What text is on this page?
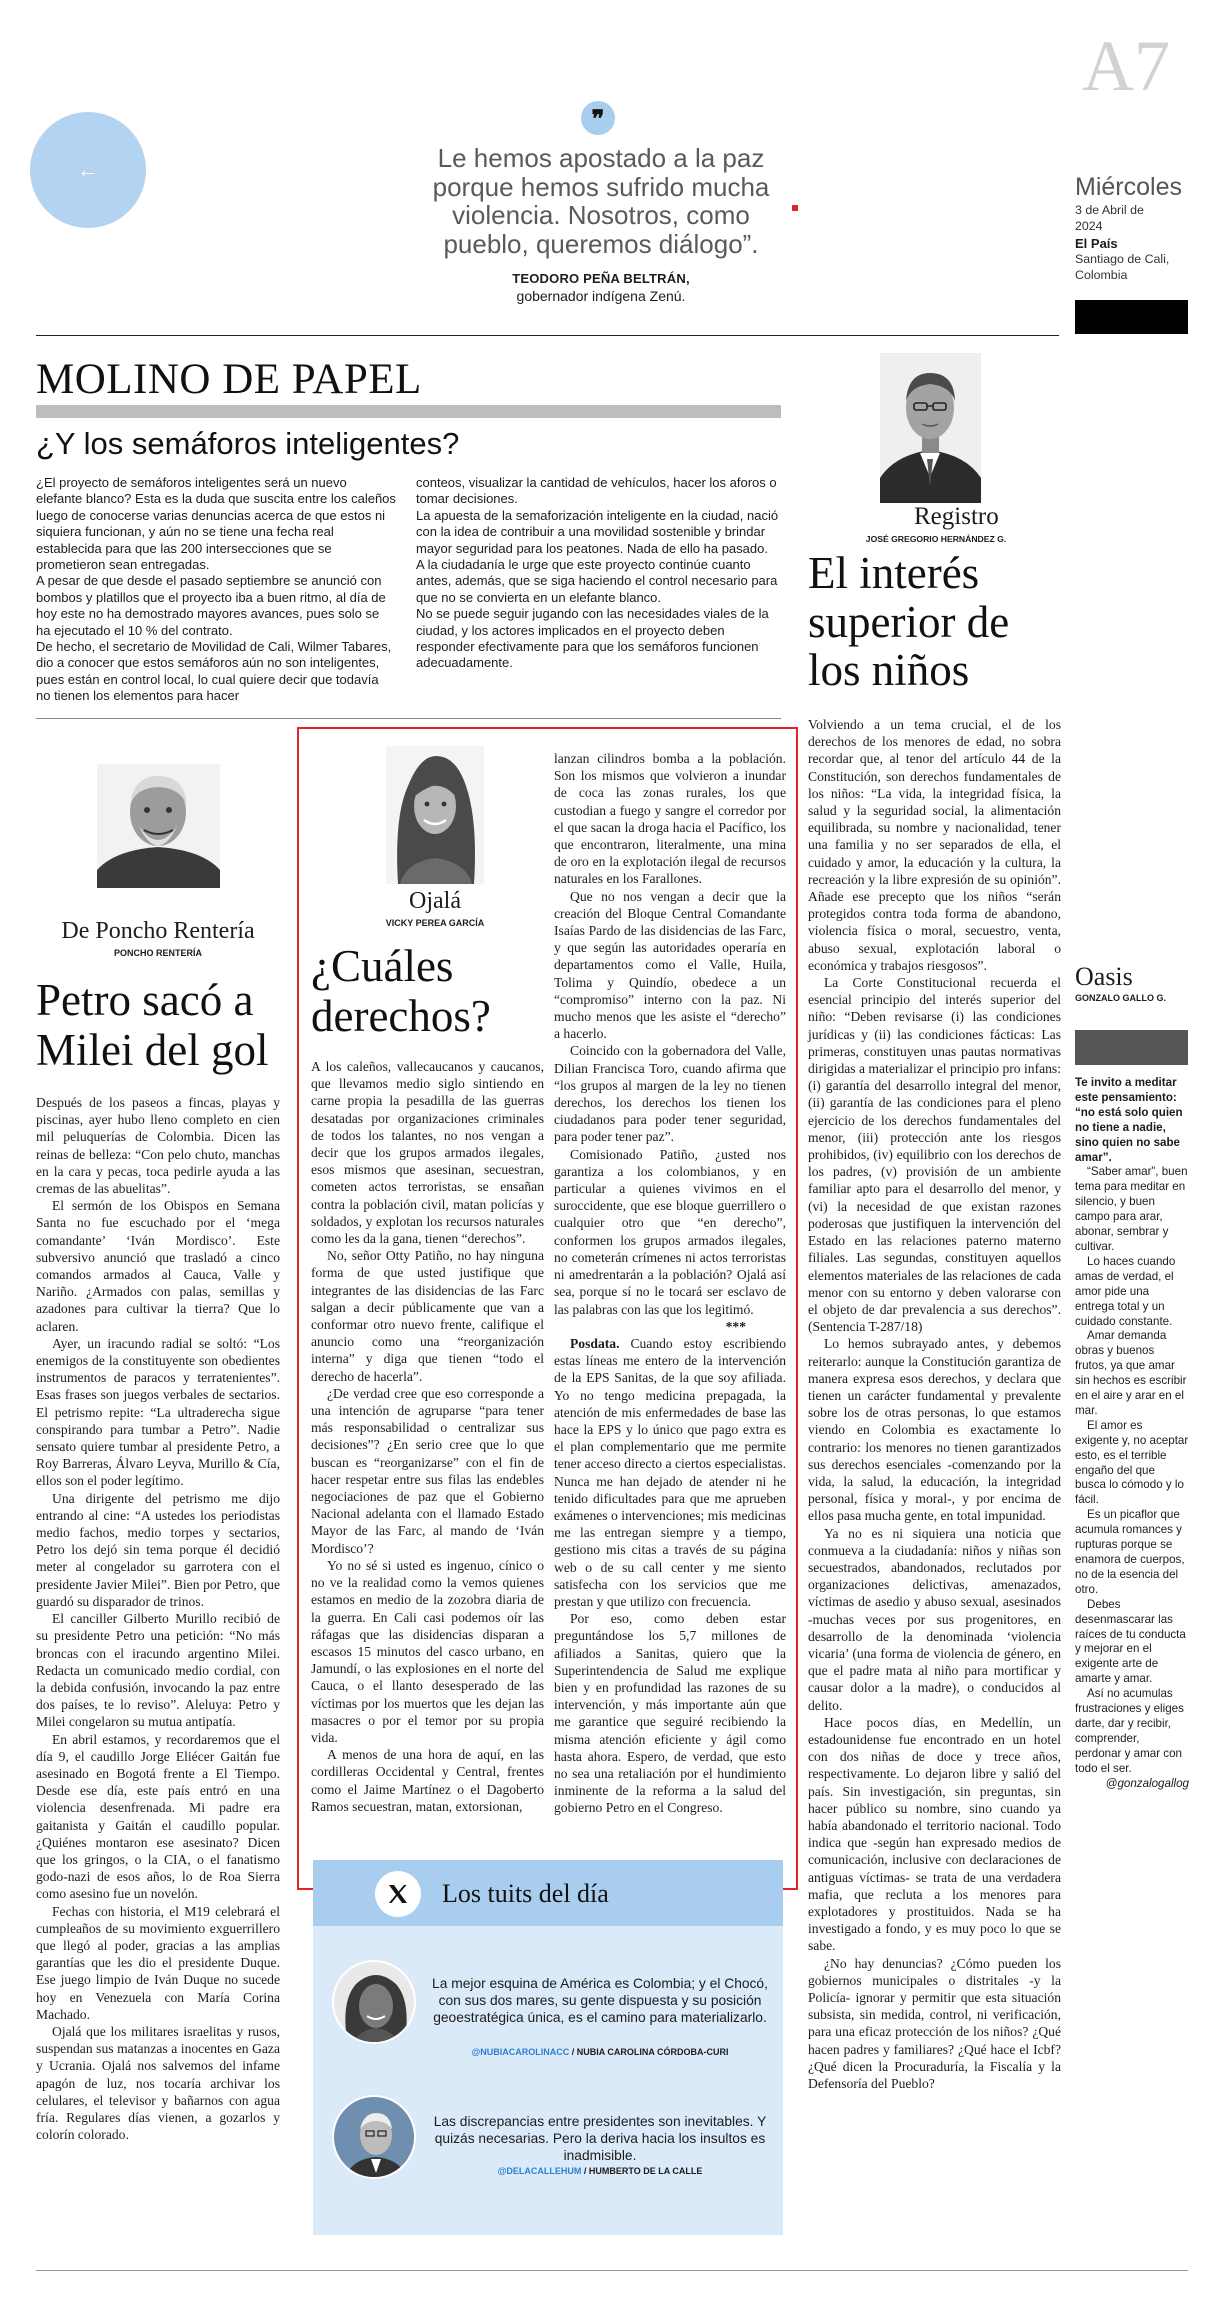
←
❞
Le hemos apostado a la paz porque hemos sufrido mucha violencia. Nosotros, como pueblo, queremos diálogo”.
TEODORO PEÑA BELTRÁN,
gobernador indígena Zenú.
A7
Miércoles
3 de Abril de 2024
El País
Santiago de Cali, Colombia
MOLINO DE PAPEL
¿Y los semáforos inteligentes?

¿El proyecto de semáforos inteligentes será un nuevo elefante blanco? Esta es la duda que suscita entre los caleños luego de conocerse varias denuncias acerca de que estos ni siquiera funcionan, y aún no se tiene una fecha real establecida para que las 200 intersecciones que se prometieron sean entregadas.

A pesar de que desde el pasado septiembre se anunció con bombos y platillos que el proyecto iba a buen ritmo, al día de hoy este no ha demostrado mayores avances, pues solo se ha ejecutado el 10 % del contrato.

De hecho, el secretario de Movilidad de Cali, Wilmer Tabares, dio a conocer que estos semáforos aún no son inteligentes, pues están en control local, lo cual quiere decir que todavía no tienen los elementos para hacer

conteos, visualizar la cantidad de vehículos, hacer los aforos o tomar decisiones.

La apuesta de la semaforización inteligente en la ciudad, nació con la idea de contribuir a una movilidad sostenible y brindar mayor seguridad para los peatones. Nada de ello ha pasado.

A la ciudadanía le urge que este proyecto continúe cuanto antes, además, que se siga haciendo el control necesario para que no se convierta en un elefante blanco.

No se puede seguir jugando con las necesidades viales de la ciudad, y los actores implicados en el proyecto deben responder efectivamente para que los semáforos funcionen adecuadamente.

Registro
JOSÉ GREGORIO HERNÁNDEZ G.
El interés superior de los niños

Volviendo a un tema crucial, el de los derechos de los menores de edad, no sobra recordar que, al tenor del artículo 44 de la Constitución, son derechos fundamentales de los niños: “La vida, la integridad física, la salud y la seguridad social, la alimentación equilibrada, su nombre y nacionalidad, tener una familia y no ser separados de ella, el cuidado y amor, la educación y la cultura, la recreación y la libre expresión de su opinión”. Añade ese precepto que los niños “serán protegidos contra toda forma de abandono, violencia física o moral, secuestro, venta, abuso sexual, explotación laboral o económica y trabajos riesgosos”.

La Corte Constitucional recuerda el esencial principio del interés superior del niño: “Deben revisarse (i) las condiciones jurídicas y (ii) las condiciones fácticas: Las primeras, constituyen unas pautas normativas dirigidas a materializar el principio pro infans: (i) garantía del desarrollo integral del menor, (ii) garantía de las condiciones para el pleno ejercicio de los derechos fundamentales del menor, (iii) protección ante los riesgos prohibidos, (iv) equilibrio con los derechos de los padres, (v) provisión de un ambiente familiar apto para el desarrollo del menor, y (vi) la necesidad de que existan razones poderosas que justifiquen la intervención del Estado en las relaciones paterno materno filiales. Las segundas, constituyen aquellos elementos materiales de las relaciones de cada menor con su entorno y deben valorarse con el objeto de dar prevalencia a sus derechos”. (Sentencia T-287/18)

Lo hemos subrayado antes, y debemos reiterarlo: aunque la Constitución garantiza de manera expresa esos derechos, y declara que tienen un carácter fundamental y prevalente sobre los de otras personas, lo que estamos viendo en Colombia es exactamente lo contrario: los menores no tienen garantizados sus derechos esenciales -comenzando por la vida, la salud, la educación, la integridad personal, física y moral-, y por encima de ellos pasa mucha gente, en total impunidad.

Ya no es ni siquiera una noticia que conmueva a la ciudadanía: niños y niñas son secuestrados, abandonados, reclutados por organizaciones delictivas, amenazados, víctimas de asedio y abuso sexual, asesinados -muchas veces por sus progenitores, en desarrollo de la denominada ‘violencia vicaria’ (una forma de violencia de género, en que el padre mata al niño para mortificar y causar dolor a la madre), o conducidos al delito.

Hace pocos días, en Medellín, un estadounidense fue encontrado en un hotel con dos niñas de doce y trece años, respectivamente. Lo dejaron libre y salió del país. Sin investigación, sin preguntas, sin hacer público su nombre, sino cuando ya había abandonado el territorio nacional. Todo indica que -según han expresado medios de comunicación, inclusive con declaraciones de antiguas víctimas- se trata de una verdadera mafia, que recluta a los menores para explotadores y prostituidos. Nada se ha investigado a fondo, y es muy poco lo que se sabe.

¿No hay denuncias? ¿Cómo pueden los gobiernos municipales o distritales -y la Policía- ignorar y permitir que esta situación subsista, sin medida, control, ni verificación, para una eficaz protección de los niños? ¿Qué hacen padres y familiares? ¿Qué hace el Icbf? ¿Qué dicen la Procuraduría, la Fiscalía y la Defensoría del Pueblo?

De Poncho Rentería
PONCHO RENTERÍA
Petro sacó a Milei del gol

Después de los paseos a fincas, playas y piscinas, ayer hubo lleno completo en cien mil peluquerías de Colombia. Dicen las reinas de belleza: “Con pelo chuto, manchas en la cara y pecas, toca pedirle ayuda a las cremas de las abuelitas”.

El sermón de los Obispos en Semana Santa no fue escuchado por el ‘mega comandante’ ‘Iván Mordisco’. Este subversivo anunció que trasladó a cinco comandos armados al Cauca, Valle y Nariño. ¿Armados con palas, semillas y azadones para cultivar la tierra? Que lo aclaren.

Ayer, un iracundo radial se soltó: “Los enemigos de la constituyente son obedientes instrumentos de paracos y terratenientes”. Esas frases son juegos verbales de sectarios. El petrismo repite: “La ultraderecha sigue conspirando para tumbar a Petro”. Nadie sensato quiere tumbar al presidente Petro, a Roy Barreras, Álvaro Leyva, Murillo & Cía, ellos son el poder legítimo.

Una dirigente del petrismo me dijo entrando al cine: “A ustedes los periodistas medio fachos, medio torpes y sectarios, Petro los dejó sin tema porque él decidió meter al congelador su garrotera con el presidente Javier Milei”. Bien por Petro, que guardó su disparador de trinos.

El canciller Gilberto Murillo recibió de su presidente Petro una petición: “No más broncas con el iracundo argentino Milei. Redacta un comunicado medio cordial, con la debida confusión, invocando la paz entre dos países, te lo reviso”. Aleluya: Petro y Milei congelaron su mutua antipatía.

En abril estamos, y recordaremos que el día 9, el caudillo Jorge Eliécer Gaitán fue asesinado en Bogotá frente a El Tiempo. Desde ese día, este país entró en una violencia desenfrenada. Mi padre era gaitanista y Gaitán el caudillo popular. ¿Quiénes montaron ese asesinato? Dicen que los gringos, o la CIA, o el fanatismo godo-nazi de esos años, lo de Roa Sierra como asesino fue un novelón.

Fechas con historia, el M19 celebrará el cumpleaños de su movimiento exguerrillero que llegó al poder, gracias a las amplias garantías que les dio el presidente Duque. Ese juego limpio de Iván Duque no sucede hoy en Venezuela con María Corina Machado.

Ojalá que los militares israelitas y rusos, suspendan sus matanzas a inocentes en Gaza y Ucrania. Ojalá nos salvemos del infame apagón de luz, nos tocaría archivar los celulares, el televisor y bañarnos con agua fría. Regulares días vienen, a gozarlos y colorín colorado.

Ojalá
VICKY PEREA GARCÍA
¿Cuáles derechos?

A los caleños, vallecaucanos y caucanos, que llevamos medio siglo sintiendo en carne propia la pesadilla de las guerras desatadas por organizaciones criminales de todos los talantes, no nos vengan a decir que los grupos armados ilegales, esos mismos que asesinan, secuestran, cometen actos terroristas, se ensañan contra la población civil, matan policías y soldados, y explotan los recursos naturales como les da la gana, tienen “derechos”.

No, señor Otty Patiño, no hay ninguna forma de que usted justifique que integrantes de las disidencias de las Farc salgan a decir públicamente que van a conformar otro nuevo frente, califique el anuncio como una “reorganización interna” y diga que tienen “todo el derecho de hacerla”.

¿De verdad cree que eso corresponde a una intención de agruparse “para tener más responsabilidad o centralizar sus decisiones”? ¿En serio cree que lo que buscan es “reorganizarse” con el fin de hacer respetar entre sus filas las endebles negociaciones de paz que el Gobierno Nacional adelanta con el llamado Estado Mayor de las Farc, al mando de ‘Iván Mordisco’?

Yo no sé si usted es ingenuo, cínico o no ve la realidad como la vemos quienes estamos en medio de la zozobra diaria de la guerra. En Cali casi podemos oír las ráfagas que las disidencias disparan a escasos 15 minutos del casco urbano, en Jamundí, o las explosiones en el norte del Cauca, o el llanto desesperado de las víctimas por los muertos que les dejan las masacres o por el temor por su propia vida.

A menos de una hora de aquí, en las cordilleras Occidental y Central, frentes como el Jaime Martínez o el Dagoberto Ramos secuestran, matan, extorsionan,

lanzan cilindros bomba a la población. Son los mismos que volvieron a inundar de coca las zonas rurales, los que custodian a fuego y sangre el corredor por el que sacan la droga hacia el Pacífico, los que encontraron, literalmente, una mina de oro en la explotación ilegal de recursos naturales en los Farallones.

Que no nos vengan a decir que la creación del Bloque Central Comandante Isaías Pardo de las disidencias de las Farc, y que según las autoridades operaría en departamentos como el Valle, Huila, Tolima y Quindío, obedece a un “compromiso” interno con la paz. Ni mucho menos que les asiste el “derecho” a hacerlo.

Coincido con la gobernadora del Valle, Dilian Francisca Toro, cuando afirma que “los grupos al margen de la ley no tienen derechos, los derechos los tienen los ciudadanos para poder tener seguridad, para poder tener paz”.

Comisionado Patiño, ¿usted nos garantiza a los colombianos, y en particular a quienes vivimos en el suroccidente, que ese bloque guerrillero o cualquier otro que “en derecho”, conformen los grupos armados ilegales, no cometerán crímenes ni actos terroristas ni amedrentarán a la población? Ojalá así sea, porque sí no le tocará ser esclavo de las palabras con las que los legitimó.

***

Posdata. Cuando estoy escribiendo estas líneas me entero de la intervención de la EPS Sanitas, de la que soy afiliada. Yo no tengo medicina prepagada, la atención de mis enfermedades de base las hace la EPS y lo único que pago extra es el plan complementario que me permite tener acceso directo a ciertos especialistas. Nunca me han dejado de atender ni he tenido dificultades para que me aprueben exámenes o intervenciones; mis medicinas me las entregan siempre y a tiempo, gestiono mis citas a través de su página web o de su call center y me siento satisfecha con los servicios que me prestan y que utilizo con frecuencia.

Por eso, como deben estar preguntándose los 5,7 millones de afiliados a Sanitas, quiero que la Superintendencia de Salud me explique bien y en profundidad las razones de su intervención, y más importante aún que me garantice que seguiré recibiendo la misma atención eficiente y ágil como hasta ahora. Espero, de verdad, que esto no sea una retaliación por el hundimiento inminente de la reforma a la salud del gobierno Petro en el Congreso.

Los tuits del día
La mejor esquina de América es Colombia; y el Chocó, con sus dos mares, su gente dispuesta y su posición geoestratégica única, es el camino para materializarlo.
@NUBIACAROLINACC / NUBIA CAROLINA CÓRDOBA-CURI
Las discrepancias entre presidentes son inevitables. Y quizás necesarias. Pero la deriva hacia los insultos es inadmisible.
@DELACALLEHUM / HUMBERTO DE LA CALLE
Oasis
GONZALO GALLO G.

Te invito a meditar este pensamiento: “no está solo quien no tiene a nadie, sino quien no sabe amar”.

“Saber amar”, buen tema para meditar en silencio, y buen campo para arar, abonar, sembrar y cultivar.

Lo haces cuando amas de verdad, el amor pide una entrega total y un cuidado constante.

Amar demanda obras y buenos frutos, ya que amar sin hechos es escribir en el aire y arar en el mar.

El amor es exigente y, no aceptar esto, es el terrible engaño del que busca lo cómodo y lo fácil.

Es un picaflor que acumula romances y rupturas porque se enamora de cuerpos, no de la esencia del otro.

Debes desenmascarar las raíces de tu conducta y mejorar en el exigente arte de amarte y amar.

Así no acumulas frustraciones y eliges darte, dar y recibir, comprender, perdonar y amar con todo el ser.

@gonzalogallog
